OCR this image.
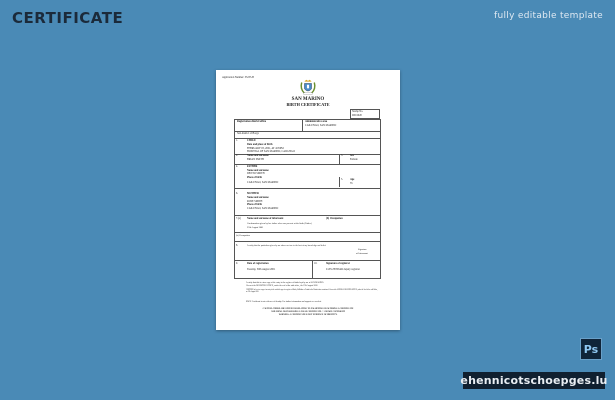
CERTIFICATE	fully editable template
Application Number: 35235-B
SAN MARINO
BIRTH CERTIFICATE
Stamp No.
000/2020
Registration district/office	Administrative area
CAILUNGO, SAN MARINO
Sub-district of Borgo
1.	CHILD
Date and place of birth
FEBRUARY 03, 2001, AT 4:05PM
HOSPITAL OF SAN MARINO, CAILUNGO
2.	Name and surname
BRIAN SMITH
3.	Sex
Female
4.	FATHER
Name and surname
DENTO SMITH
Place of birth
CAILUNGO, SAN MARINO
5.	Age
35
6.	MOTHER
Name and surname
ROSE SMITH
Place of birth
CAILUNGO, SAN MARINO
7.(a) Name and surname of informant	(b) Occupation
Confirmation given by her father who was present at the birth (Father)
27th August 2001
(b) Occupation
8.	I certify that the particulars given by me above are true to the best of my knowledge and belief.
Signature
of Informant
9.	Date of registration
Tuesday, 30th August 2001
10.	Signature of registrar
LUIS ZENNAR deputy registrar
I certify that this is a true copy of the entry in the register of births kept by me at SAN MARINO.
Given at the REGISTER OFFICE, under the seal of the said office, the 27th August 2020
CERTIFIED to be a true copy of an entry in the certified copy of a register of Births, Stillbirths or Deaths in the District above mentioned. Given at the GENERAL REGISTER OFFICE, under the Seal of the said Office, on 27th August 2020.
BXCE Certificate is not evidence of identity. For further information and support see overleaf.
CAUTION: THERE ARE OFFENCES RELATING TO FALSIFYING OR ALTERING A CERTIFICATE
AND USING OR POSSESSING A FALSE CERTIFICATE. © CROWN COPYRIGHT
WARNING: A CERTIFICATE IS NOT EVIDENCE OF IDENTITY.
Ps
ehennicotschoepges.lu
